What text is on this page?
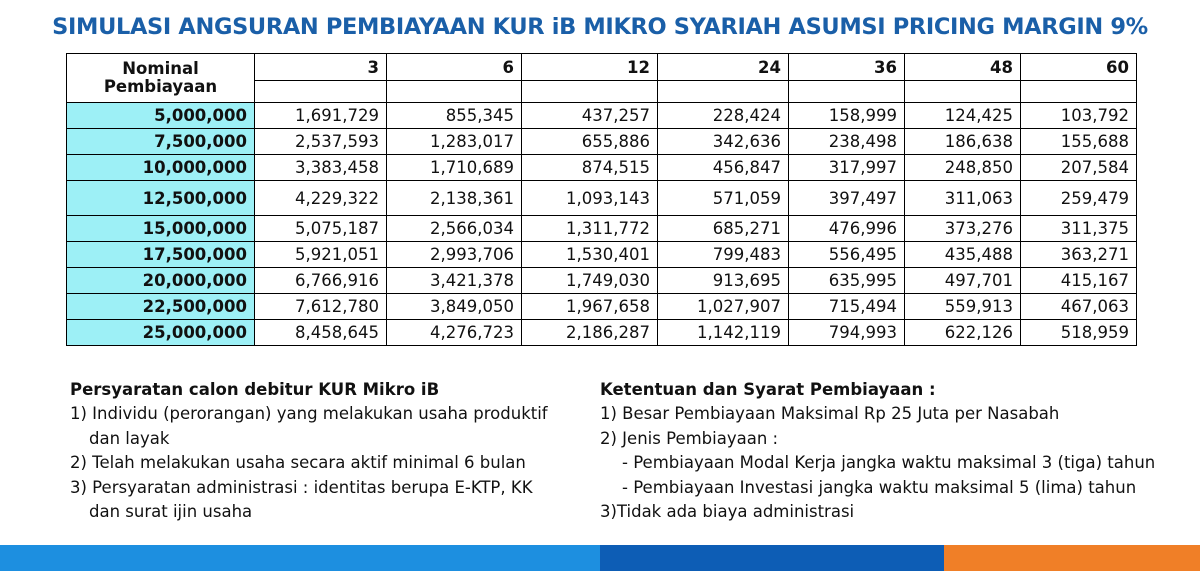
SIMULASI ANGSURAN PEMBIAYAAN KUR iB MIKRO SYARIAH ASUMSI PRICING MARGIN 9%
Nominal
Pembiayaan	3	6	12	24	36	48	60

5,000,000	1,691,729	855,345	437,257	228,424	158,999	124,425	103,792
7,500,000	2,537,593	1,283,017	655,886	342,636	238,498	186,638	155,688
10,000,000	3,383,458	1,710,689	874,515	456,847	317,997	248,850	207,584
12,500,000	4,229,322	2,138,361	1,093,143	571,059	397,497	311,063	259,479
15,000,000	5,075,187	2,566,034	1,311,772	685,271	476,996	373,276	311,375
17,500,000	5,921,051	2,993,706	1,530,401	799,483	556,495	435,488	363,271
20,000,000	6,766,916	3,421,378	1,749,030	913,695	635,995	497,701	415,167
22,500,000	7,612,780	3,849,050	1,967,658	1,027,907	715,494	559,913	467,063
25,000,000	8,458,645	4,276,723	2,186,287	1,142,119	794,993	622,126	518,959
Persyaratan calon debitur KUR Mikro iB
1) Individu (perorangan) yang melakukan usaha produktif
dan layak
2) Telah melakukan usaha secara aktif minimal 6 bulan
3) Persyaratan administrasi : identitas berupa E-KTP, KK
dan surat ijin usaha
Ketentuan dan Syarat Pembiayaan :
1) Besar Pembiayaan Maksimal Rp 25 Juta per Nasabah
2) Jenis Pembiayaan :
- Pembiayaan Modal Kerja jangka waktu maksimal 3 (tiga) tahun
- Pembiayaan Investasi jangka waktu maksimal 5 (lima) tahun
3)Tidak ada biaya administrasi
